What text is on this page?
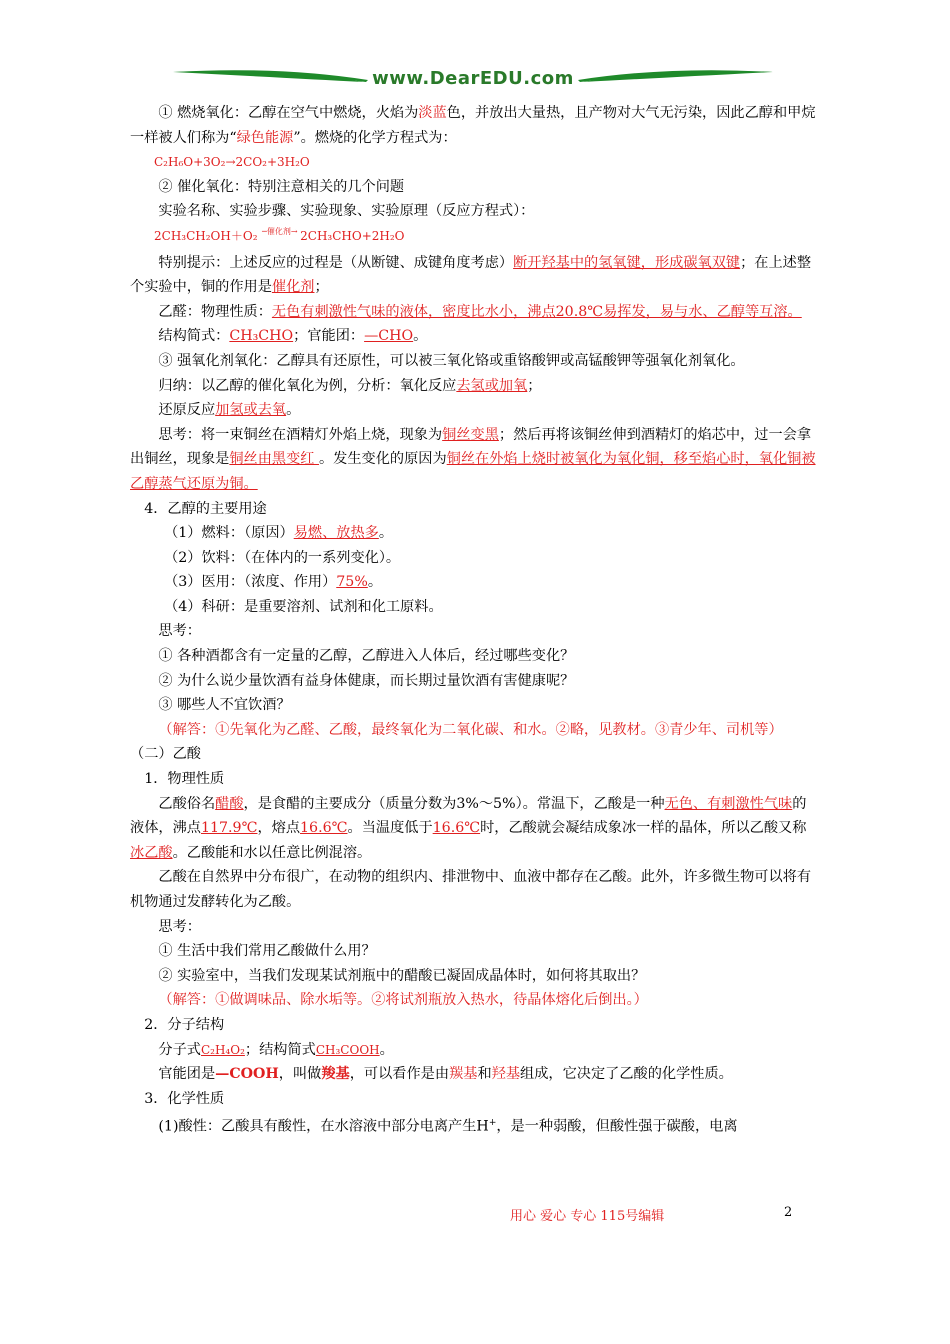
www.DearEDU.com

① 燃烧氧化：乙醇在空气中燃烧，火焰为淡蓝色，并放出大量热，且产物对大气无污染，因此乙醇和甲烷一样被人们称为“绿色能源”。燃烧的化学方程式为：

C₂H₆O+3O₂→2CO₂+3H₂O

② 催化氧化：特别注意相关的几个问题

实验名称、实验步骤、实验现象、实验原理（反应方程式）：

2CH₃CH₂OH＋O₂ $^{─催化剂\to}$ 2CH₃CHO+2H₂O

特别提示：上述反应的过程是（从断键、成键角度考虑）断开羟基中的氢氧键，形成碳氧双键；在上述整个实验中，铜的作用是催化剂；

乙醛：物理性质：无色有刺激性气味的液体，密度比水小，沸点20.8℃易挥发，易与水、乙醇等互溶。

结构简式：CH₃CHO；官能团：—CHO。

③ 强氧化剂氧化：乙醇具有还原性，可以被三氧化铬或重铬酸钾或高锰酸钾等强氧化剂氧化。

归纳：以乙醇的催化氧化为例，分析：氧化反应去氢或加氧；

还原反应加氢或去氧。

思考：将一束铜丝在酒精灯外焰上烧，现象为铜丝变黑；然后再将该铜丝伸到酒精灯的焰芯中，过一会拿出铜丝，现象是铜丝由黑变红 。发生变化的原因为铜丝在外焰上烧时被氧化为氧化铜，移至焰心时，氧化铜被乙醇蒸气还原为铜。

4．乙醇的主要用途

（1）燃料：（原因）易燃、放热多。

（2）饮料：（在体内的一系列变化）。

（3）医用：（浓度、作用）75%。

（4）科研：是重要溶剂、试剂和化工原料。

思考：

① 各种酒都含有一定量的乙醇，乙醇进入人体后，经过哪些变化？

② 为什么说少量饮酒有益身体健康，而长期过量饮酒有害健康呢？

③ 哪些人不宜饮酒？

（解答：①先氧化为乙醛、乙酸，最终氧化为二氧化碳、和水。②略，见教材。③青少年、司机等）

（二）乙酸

1．物理性质

乙酸俗名醋酸，是食醋的主要成分（质量分数为3%～5%）。常温下，乙酸是一种无色、有刺激性气味的液体，沸点117.9℃，熔点16.6℃。当温度低于16.6℃时，乙酸就会凝结成象冰一样的晶体，所以乙酸又称冰乙酸。乙酸能和水以任意比例混溶。

乙酸在自然界中分布很广，在动物的组织内、排泄物中、血液中都存在乙酸。此外，许多微生物可以将有机物通过发酵转化为乙酸。

思考：

① 生活中我们常用乙酸做什么用？

② 实验室中，当我们发现某试剂瓶中的醋酸已凝固成晶体时，如何将其取出？

（解答：①做调味品、除水垢等。②将试剂瓶放入热水，待晶体熔化后倒出。）

2．分子结构

分子式C₂H₄O₂；结构简式CH₃COOH。

官能团是—COOH，叫做羧基，可以看作是由羰基和羟基组成，它决定了乙酸的化学性质。

3．化学性质

(1)酸性：乙酸具有酸性，在水溶液中部分电离产生H+，是一种弱酸，但酸性强于碳酸，电离

用心 爱心 专心 115号编辑	2
